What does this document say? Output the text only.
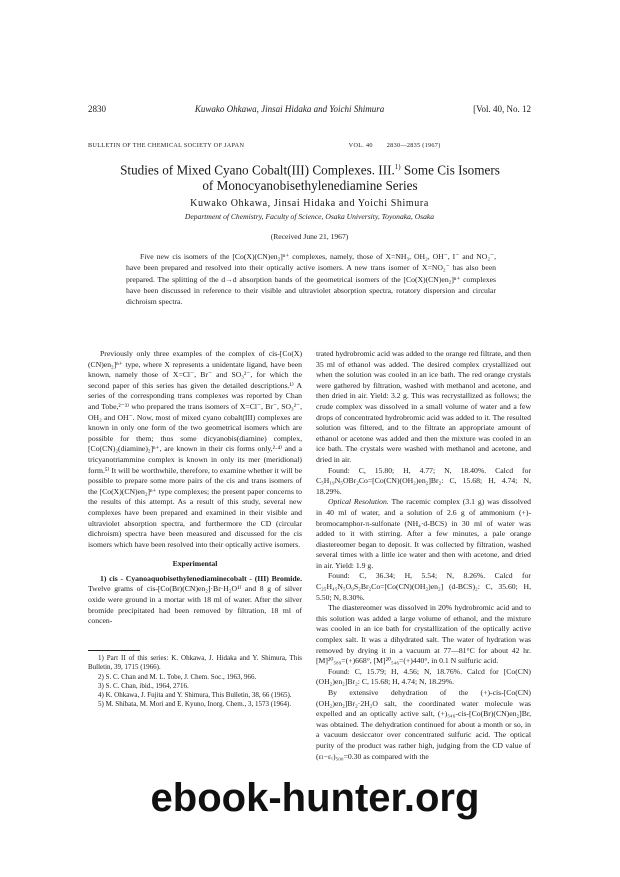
2830	Kuwako Ohkawa, Jinsai Hidaka and Yoichi Shimura	[Vol. 40, No. 12
BULLETIN OF THE CHEMICAL SOCIETY OF JAPAN	VOL. 40 2830—2835 (1967)
Studies of Mixed Cyano Cobalt(III) Complexes. III.$^{1)}$ Some Cis Isomers
of Monocyanobisethylenediamine Series
Kuwako Ohkawa, Jinsai Hidaka and Yoichi Shimura
Department of Chemistry, Faculty of Science, Osaka University, Toyonaka, Osaka
(Received June 21, 1967)
Five new cis isomers of the [Co(X)(CN)en₂]ⁿ⁺ complexes, namely, those of X=NH₃, OH₂, OH⁻, I⁻ and NO₂⁻, have been prepared and resolved into their optically active isomers. A new trans isomer of X=NO₂⁻ has also been prepared. The splitting of the d→d absorption bands of the geometrical isomers of the [Co(X)(CN)en₂]ⁿ⁺ complexes have been discussed in reference to their visible and ultraviolet absorption spectra, rotatory dispersion and circular dichroism spectra.

Previously only three examples of the complex of cis-[Co(X)(CN)en₂]ⁿ⁺ type, where X represents a unidentate ligand, have been known, namely those of X=Cl⁻, Br⁻ and SO₃²⁻, for which the second paper of this series has given the detailed descriptions.¹⁾ A series of the corresponding trans complexes was reported by Chan and Tobe,²⁻³⁾ who prepared the trans isomers of X=Cl⁻, Br⁻, SO₃²⁻, OH₂ and OH⁻. Now, most of mixed cyano cobalt(III) complexes are known in only one form of the two geometrical isomers which are possible for them; thus some dicyanobis(diamine) complex, [Co(CN)₂(diamine)₂]ⁿ⁺, are known in their cis forms only,²·⁴⁾ and a tricyanotriammine complex is known in only its mer (meridional) form.⁵⁾ It will be worthwhile, therefore, to examine whether it will be possible to prepare some more pairs of the cis and trans isomers of the [Co(X)(CN)en₂]ⁿ⁺ type complexes; the present paper concerns to the results of this attempt. As a result of this study, several new complexes have been prepared and examined in their visible and ultraviolet absorption spectra, and furthermore the CD (circular dichroism) spectra have been measured and discussed for the cis isomers which have been resolved into their optically active isomers.

Experimental

1) cis - Cyanoaquobisethylenediaminecobalt - (III) Bromide. Twelve grams of cis-[Co(Br)(CN)en₂]·Br·H₂O¹⁾ and 8 g of silver oxide were ground in a mortar with 18 ml of water. After the silver bromide precipitated had been removed by filtration, 18 ml of concen-

trated hydrobromic acid was added to the orange red filtrate, and then 35 ml of ethanol was added. The desired complex crystallized out when the solution was cooled in an ice bath. The red orange crystals were gathered by filtration, washed with methanol and acetone, and then dried in air. Yield: 3.2 g. This was recrystallized as follows; the crude complex was dissolved in a small volume of water and a few drops of concentrated hydrobromic acid was added to it. The resulted solution was filtered, and to the filtrate an appropriate amount of ethanol or acetone was added and then the mixture was cooled in an ice bath. The crystals were washed with methanol and acetone, and dried in air.

Found: C, 15.80; H, 4.77; N, 18.40%. Calcd for C₅H₁₉N₅OBr₂Co=[Co(CN)(OH₂)en₂]Br₂: C, 15.68; H, 4.74; N, 18.29%.

Optical Resolution. The racemic complex (3.1 g) was dissolved in 40 ml of water, and a solution of 2.6 g of ammonium (+)-bromocamphor-π-sulfonate (NH₄·d-BCS) in 30 ml of water was added to it with stirring. After a few minutes, a pale orange diastereomer began to deposit. It was collected by filtration, washed several times with a little ice water and then with acetone, and dried in air. Yield: 1.9 g.

Found: C, 36.34; H, 5.54; N, 8.26%. Calcd for C₂₅H₄₅N₅O₉S₂Br₂Co=[Co(CN)(OH₂)en₂] (d-BCS)₂: C, 35.60; H, 5.50; N, 8.30%.

The diastereomer was dissolved in 20% hydrobromic acid and to this solution was added a large volume of ethanol, and the mixture was cooled in an ice bath for crystallization of the optically active complex salt. It was a dihydrated salt. The water of hydration was removed by drying it in a vacuum at 77—81°C for about 42 hr. [M]²⁰₅₈₉=(+)668°, [M]²⁰₅₄₆=(+)440°, in 0.1 N sulfuric acid.

Found: C, 15.79; H, 4.56; N, 18.76%. Calcd for [Co(CN)(OH₂)en₂]Br₂: C, 15.68; H, 4.74; N, 18.29%.

By extensive dehydration of the (+)-cis-[Co(CN)(OH₂)en₂]Br₂·2H₂O salt, the coordinated water molecule was expelled and an optically active salt, (+)₅₄₆-cis-[Co(Br)(CN)en₂]Br, was obtained. The dehydration continued for about a month or so, in a vacuum desiccator over concentrated sulfuric acid. The optical purity of the product was rather high, judging from the CD value of (εₗ−εᵣ)₅₀₀=0.30 as compared with the

1) Part II of this series: K. Ohkawa, J. Hidaka and Y. Shimura, This Bulletin, 39, 1715 (1966).

2) S. C. Chan and M. L. Tobe, J. Chem. Soc., 1963, 966.

3) S. C. Chan, ibid., 1964, 2716.

4) K. Ohkawa, J. Fujita and Y. Shimura, This Bulletin, 38, 66 (1965).

5) M. Shibata, M. Mori and E. Kyuno, Inorg. Chem., 3, 1573 (1964).

ebook-hunter.org
